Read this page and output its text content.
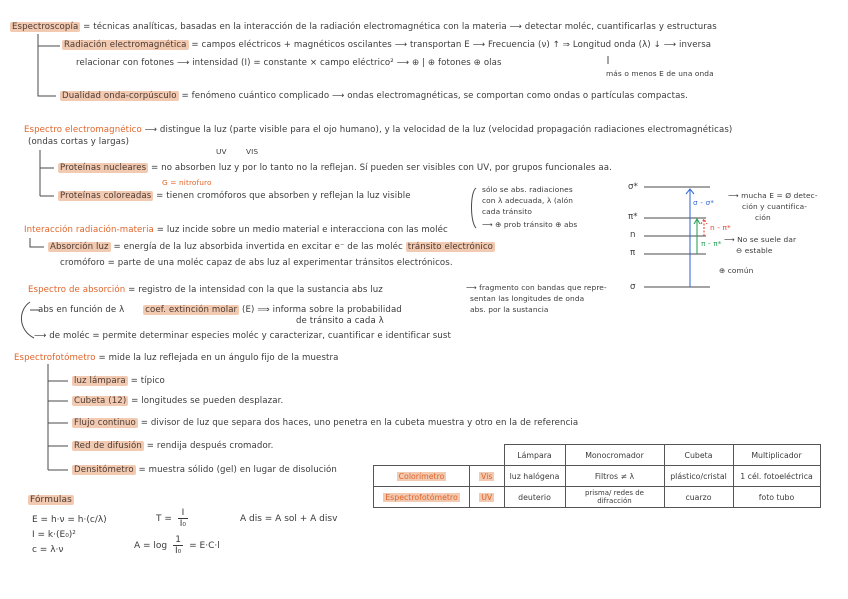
Espectroscopía = técnicas analíticas, basadas en la interacción de la radiación electromagnética con la materia ⟶ detectar moléc, cuantificarlas y estructuras
Radiación electromagnética = campos eléctricos + magnéticos oscilantes ⟶ transportan E ⟶ Frecuencia (ν) ↑ ⇒ Longitud onda (λ) ↓ ⟶ inversa
relacionar con fotones ⟶ intensidad (I) = constante × campo eléctrico² ⟶ ⊕ | ⊕ fotones ⊕ olas
más o menos E de una onda
Dualidad onda-corpúsculo = fenómeno cuántico complicado ⟶ ondas electromagnéticas, se comportan como ondas o partículas compactas.
Espectro electromagnético ⟶ distingue la luz (parte visible para el ojo humano), y la velocidad de la luz (velocidad propagación radiaciones electromagnéticas)
(ondas cortas y largas)
UV	VIS
Proteínas nucleares = no absorben luz y por lo tanto no la reflejan. Sí pueden ser visibles con UV, por grupos funcionales aa.
G = nitrofuro
Proteínas coloreadas = tienen cromóforos que absorben y reflejan la luz visible
sólo se abs. radiaciones
con λ adecuada, λ (alón
cada tránsito
⟶ ⊕ prob tránsito ⊕ abs
σ*
π*
n
π
σ
σ - σ*
n - π*
π - π*
⟶ mucha E = Ø detec-
ción y cuantifica-
ción
⟶ No se suele dar
⊖ estable
⊕ común
Interacción radiación-materia = luz incide sobre un medio material e interacciona con las moléc
Absorción luz = energía de la luz absorbida invertida en excitar e⁻ de las moléc tránsito electrónico
cromóforo = parte de una moléc capaz de abs luz al experimentar tránsitos electrónicos.
Espectro de absorción = registro de la intensidad con la que la sustancia abs luz	⟶ fragmento con bandas que repre-
sentan las longitudes de onda
abs. por la sustancia
abs en función de λ coef. extinción molar (E) ⟹ informa sobre la probabilidad
de tránsito a cada λ
⟶ de moléc = permite determinar especies moléc y caracterizar, cuantificar e identificar sust
Espectrofotómetro = mide la luz reflejada en un ángulo fijo de la muestra
luz lámpara = típico
Cubeta (12) = longitudes se pueden desplazar.
Flujo continuo = divisor de luz que separa dos haces, uno penetra en la cubeta muestra y otro en la de referencia
Red de difusión = rendija después cromador.
Densitómetro = muestra sólido (gel) en lugar de disolución
		Lámpara	Monocromador	Cubeta	Multiplicador
Colorímetro	Vis	luz halógena	Filtros ≠ λ	plástico/cristal	1 cél. fotoeléctrica
Espectrofotómetro	UV	deuterio	prisma/ redes de difracción	cuarzo	foto tubo
Fórmulas
E = h·ν = h·(c/λ)
I = k·(E₀)²
c = λ·ν
$T = \frac{I}{\text{I₀}}$
$A = \log \frac{1}{\text{I₀}} = E\cdot C\cdot l$
A dis = A sol + A disv
